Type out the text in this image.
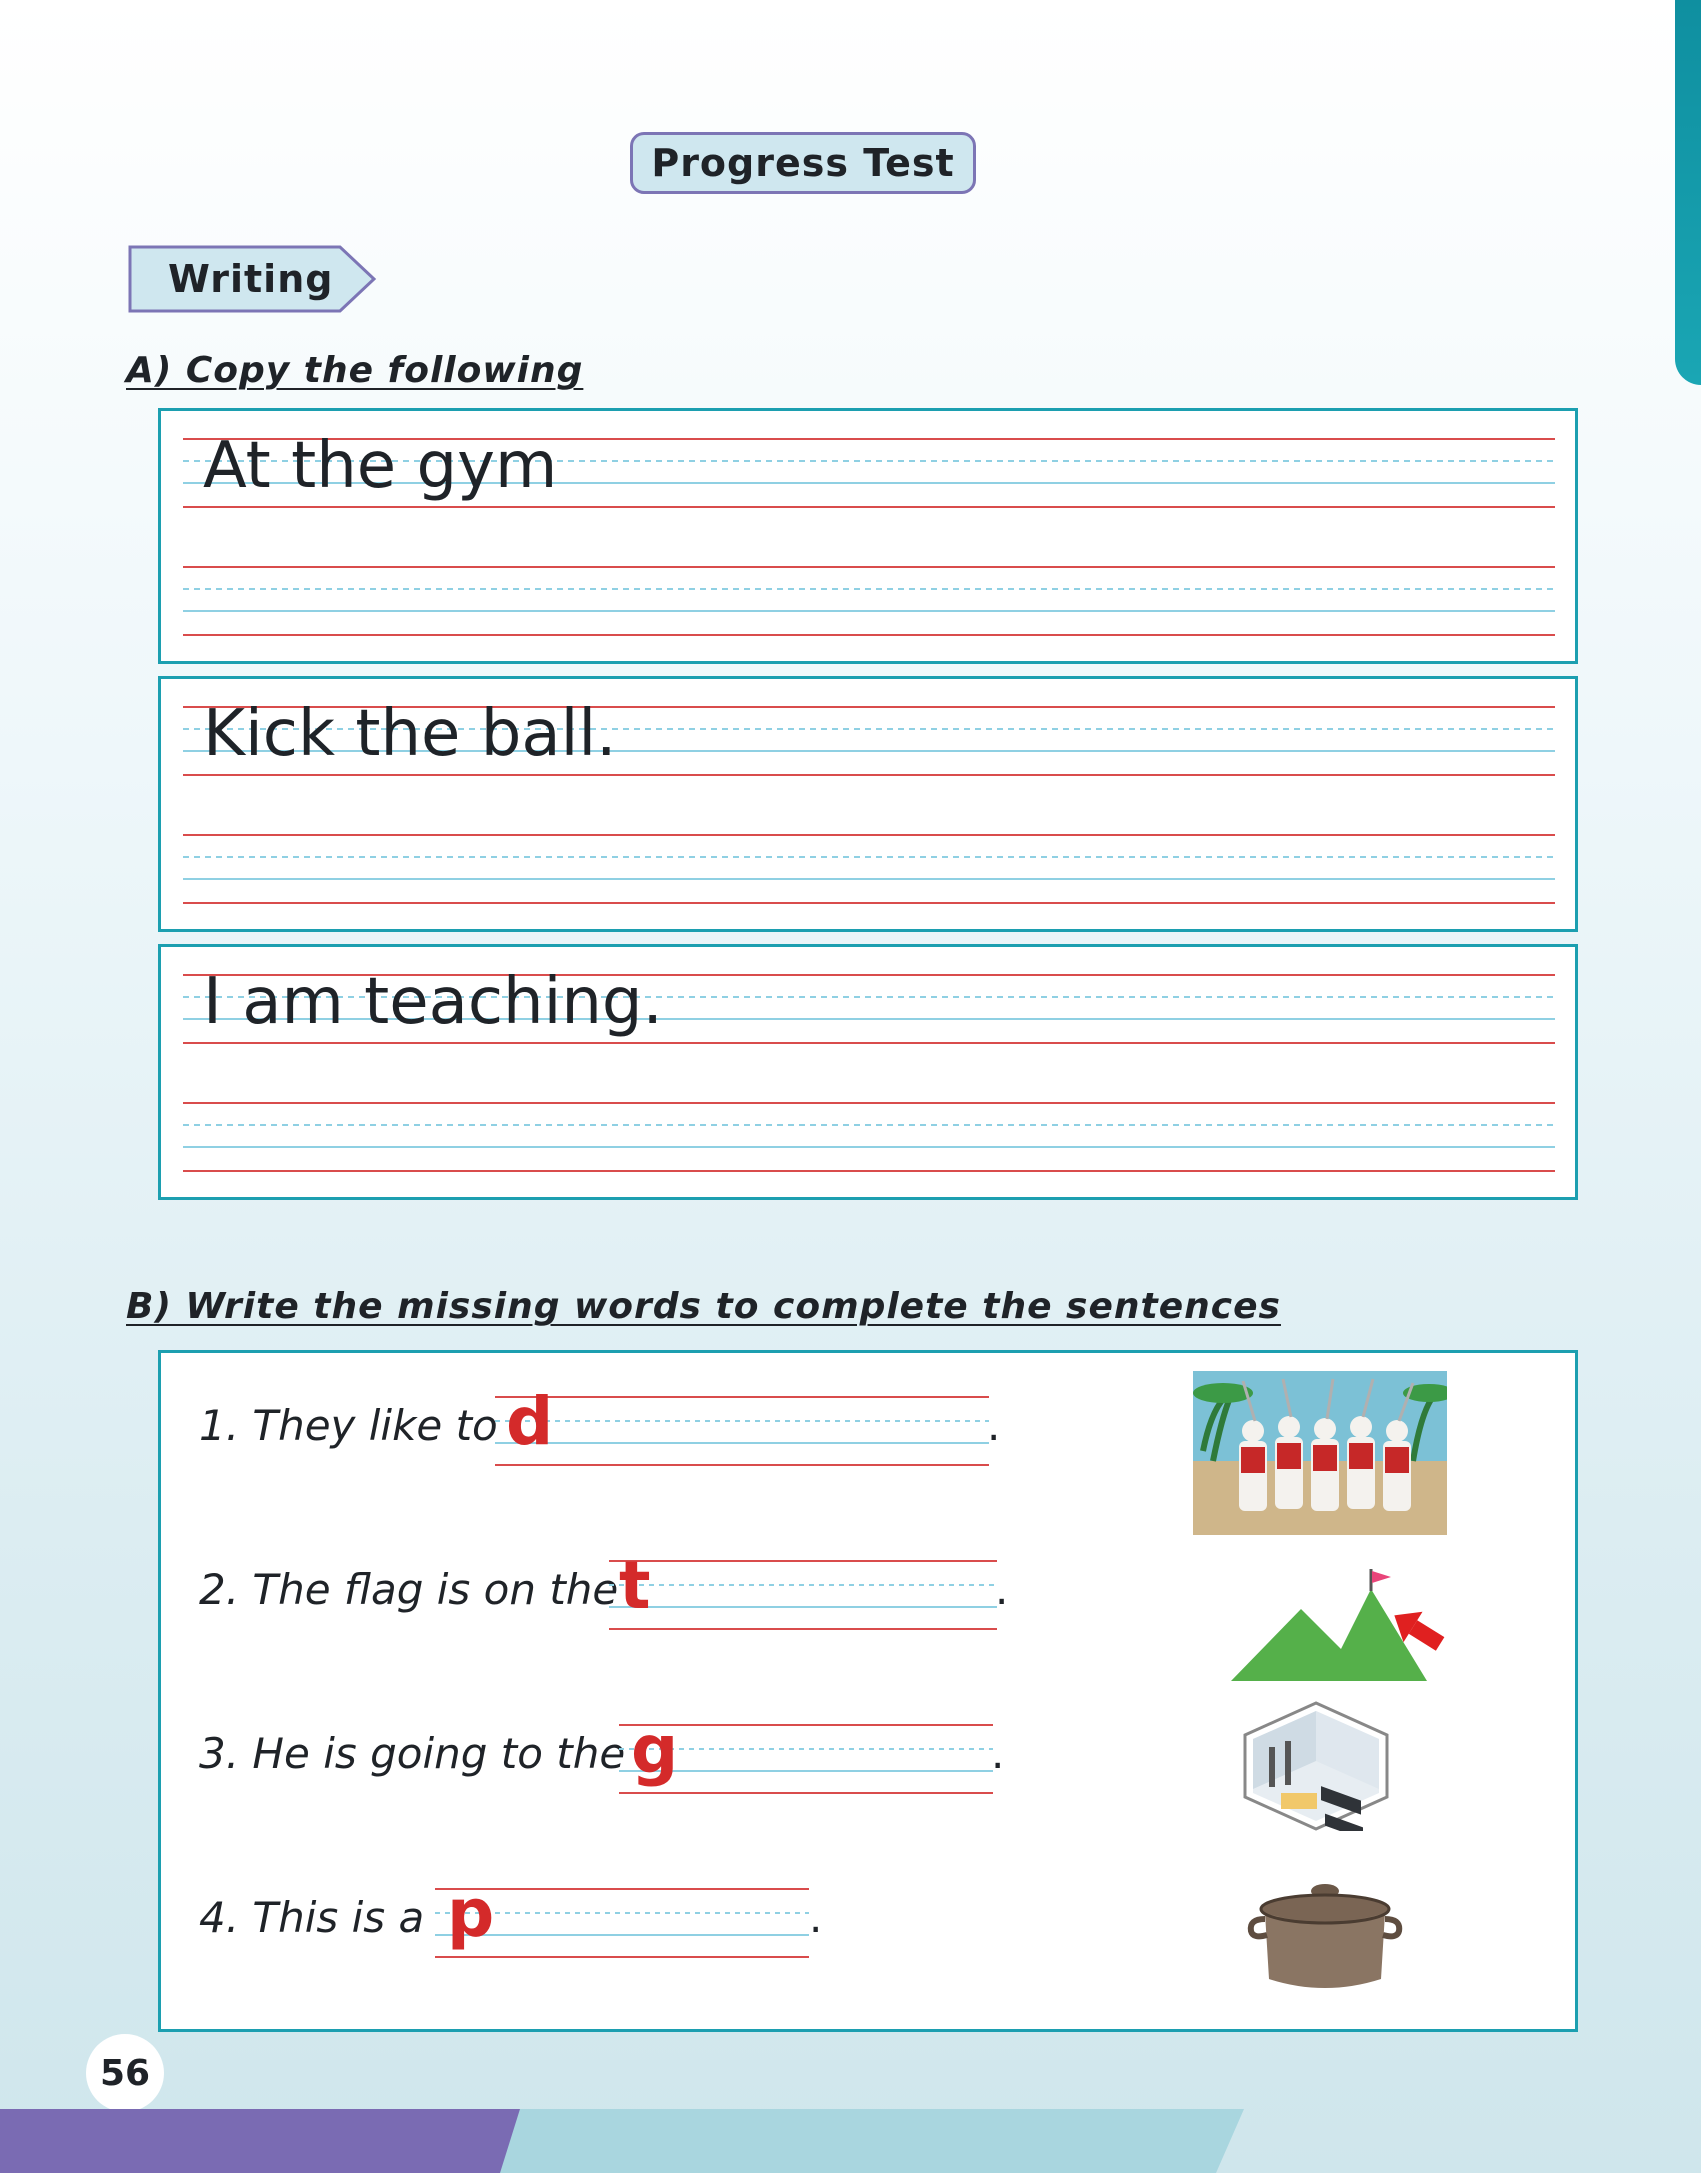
Progress Test
Writing
A) Copy the following
At the gym
Kick the ball.
I am teaching.
B) Write the missing words to complete the sentences
1. They like to d	.
2. The flag is on the t	.
3. He is going to the g	.
4. This is a p	.
56
